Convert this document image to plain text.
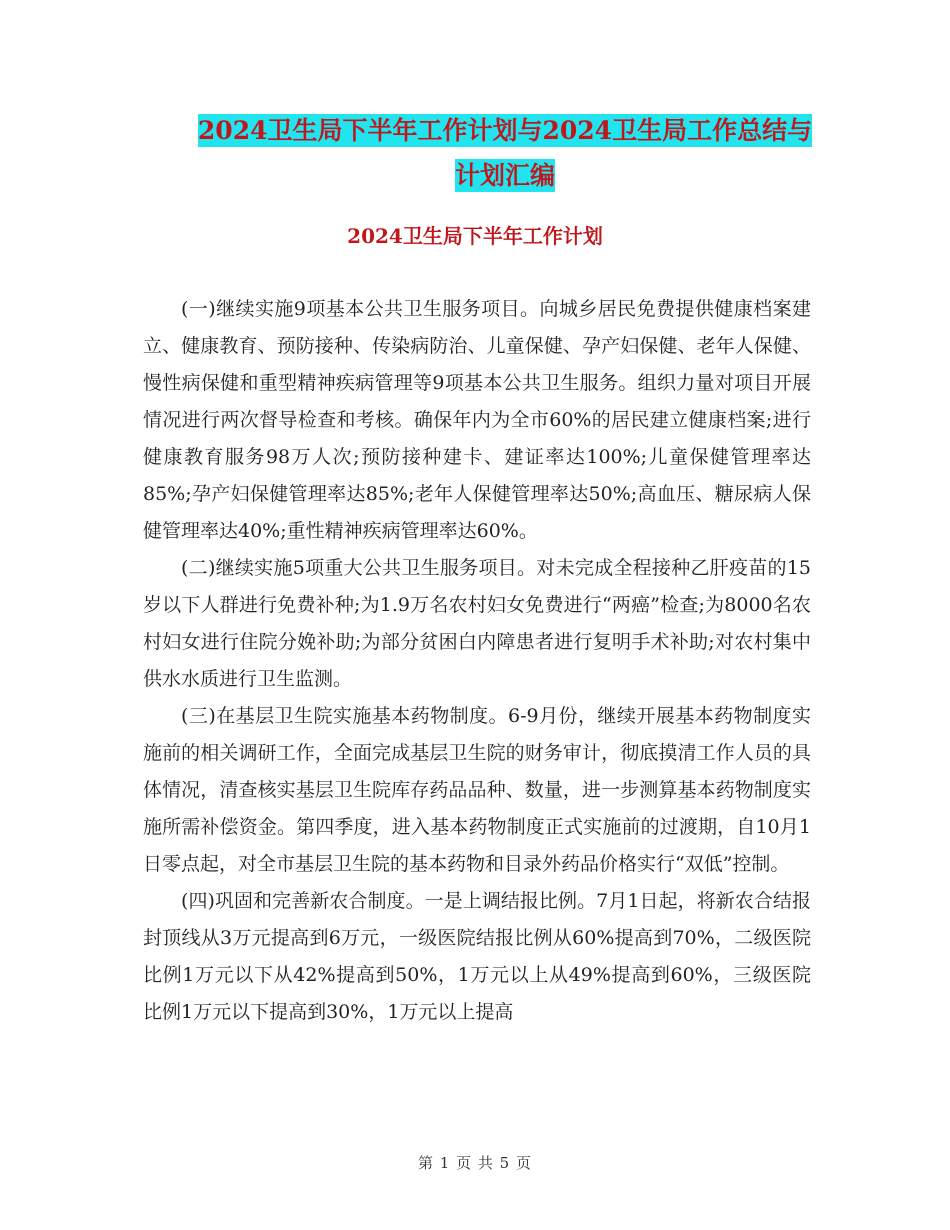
2024卫生局下半年工作计划与2024卫生局工作总结与
计划汇编
2024卫生局下半年工作计划

(一)继续实施9项基本公共卫生服务项目。向城乡居民免费提供健康档案建立、健康教育、预防接种、传染病防治、儿童保健、孕产妇保健、老年人保健、慢性病保健和重型精神疾病管理等9项基本公共卫生服务。组织力量对项目开展情况进行两次督导检查和考核。确保年内为全市60%的居民建立健康档案;进行健康教育服务98万人次;预防接种建卡、建证率达100%;儿童保健管理率达85%;孕产妇保健管理率达85%;老年人保健管理率达50%;高血压、糖尿病人保健管理率达40%;重性精神疾病管理率达60%。

(二)继续实施5项重大公共卫生服务项目。对未完成全程接种乙肝疫苗的15岁以下人群进行免费补种;为1.9万名农村妇女免费进行“两癌”检查;为8000名农村妇女进行住院分娩补助;为部分贫困白内障患者进行复明手术补助;对农村集中供水水质进行卫生监测。

(三)在基层卫生院实施基本药物制度。6-9月份，继续开展基本药物制度实施前的相关调研工作，全面完成基层卫生院的财务审计，彻底摸清工作人员的具体情况，清查核实基层卫生院库存药品品种、数量，进一步测算基本药物制度实施所需补偿资金。第四季度，进入基本药物制度正式实施前的过渡期，自10月1日零点起，对全市基层卫生院的基本药物和目录外药品价格实行“双低”控制。

(四)巩固和完善新农合制度。一是上调结报比例。7月1日起，将新农合结报封顶线从3万元提高到6万元，一级医院结报比例从60%提高到70%，二级医院比例1万元以下从42%提高到50%，1万元以上从49%提高到60%，三级医院比例1万元以下提高到30%，1万元以上提高

第 1 页 共 5 页
